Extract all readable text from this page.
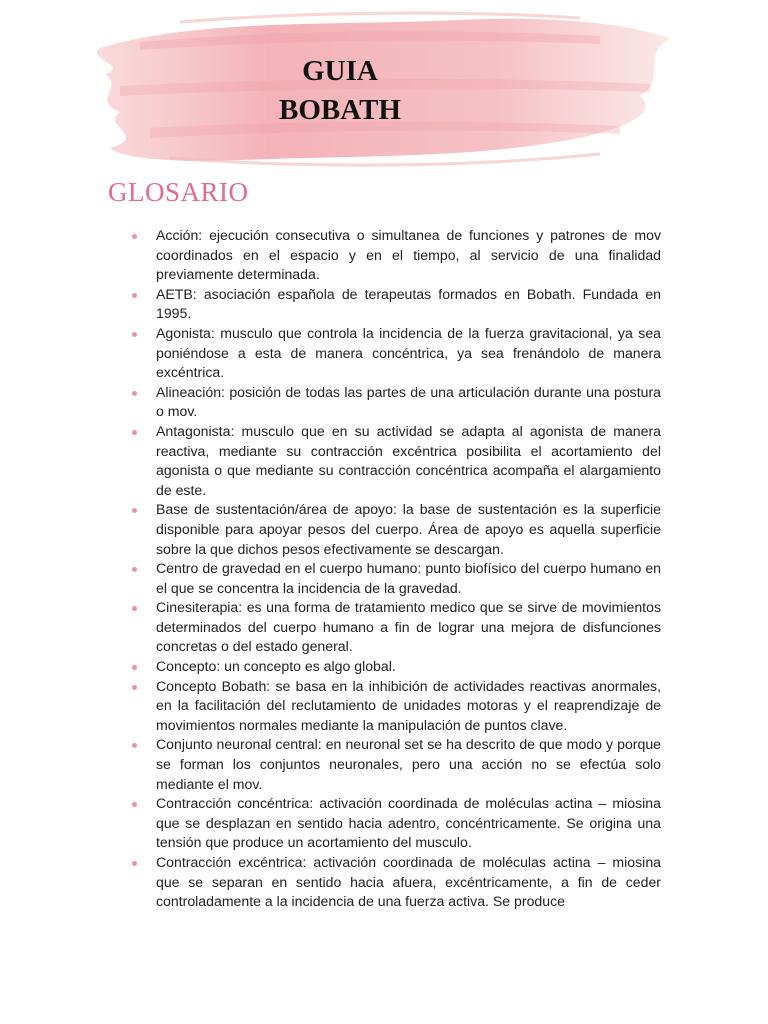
GUIA
BOBATH
GLOSARIO
Acción: ejecución consecutiva o simultanea de funciones y patrones de mov coordinados en el espacio y en el tiempo, al servicio de una finalidad previamente determinada.
AETB: asociación española de terapeutas formados en Bobath. Fundada en 1995.
Agonista: musculo que controla la incidencia de la fuerza gravitacional, ya sea poniéndose a esta de manera concéntrica, ya sea frenándolo de manera excéntrica.
Alineación: posición de todas las partes de una articulación durante una postura o mov.
Antagonista: musculo que en su actividad se adapta al agonista de manera reactiva, mediante su contracción excéntrica posibilita el acortamiento del agonista o que mediante su contracción concéntrica acompaña el alargamiento de este.
Base de sustentación/área de apoyo: la base de sustentación es la superficie disponible para apoyar pesos del cuerpo. Área de apoyo es aquella superficie sobre la que dichos pesos efectivamente se descargan.
Centro de gravedad en el cuerpo humano: punto biofísico del cuerpo humano en el que se concentra la incidencia de la gravedad.
Cinesiterapia: es una forma de tratamiento medico que se sirve de movimientos determinados del cuerpo humano a fin de lograr una mejora de disfunciones concretas o del estado general.
Concepto: un concepto es algo global.
Concepto Bobath: se basa en la inhibición de actividades reactivas anormales, en la facilitación del reclutamiento de unidades motoras y el reaprendizaje de movimientos normales mediante la manipulación de puntos clave.
Conjunto neuronal central: en neuronal set se ha descrito de que modo y porque se forman los conjuntos neuronales, pero una acción no se efectúa solo mediante el mov.
Contracción concéntrica: activación coordinada de moléculas actina – miosina que se desplazan en sentido hacia adentro, concéntricamente. Se origina una tensión que produce un acortamiento del musculo.
Contracción excéntrica: activación coordinada de moléculas actina – miosina que se separan en sentido hacia afuera, excéntricamente, a fin de ceder controladamente a la incidencia de una fuerza activa. Se produce
